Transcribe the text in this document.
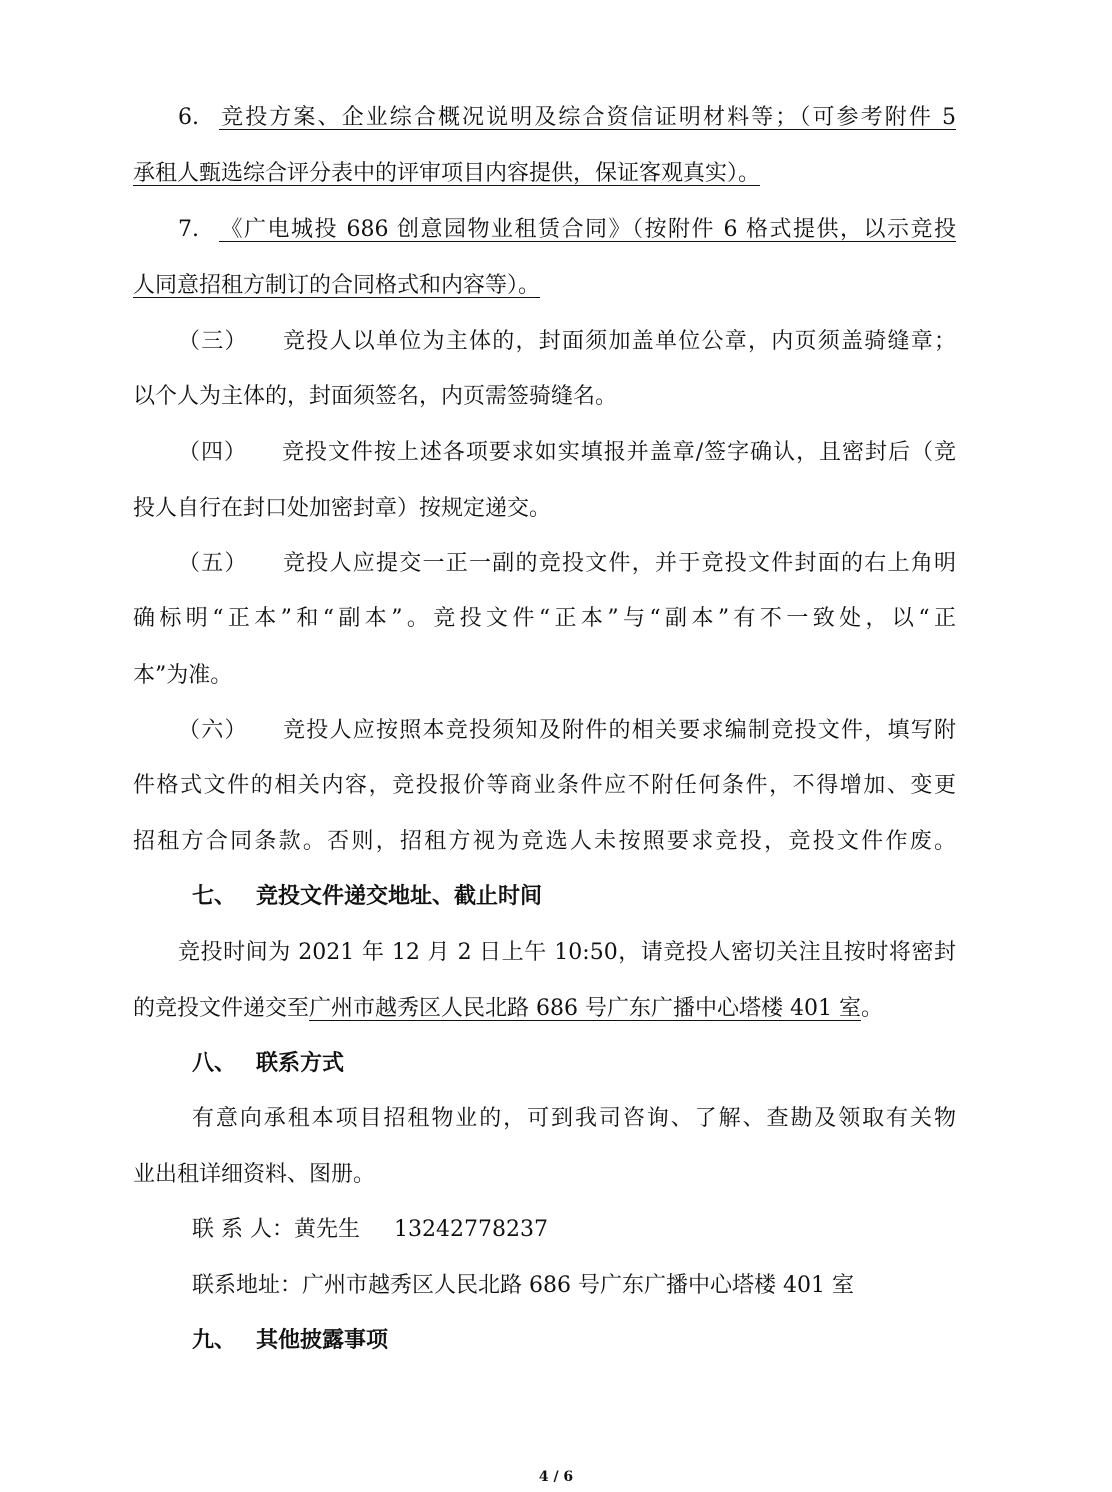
6. 竞投方案、企业综合概况说明及综合资信证明材料等；（可参考附件 5
承租人甄选综合评分表中的评审项目内容提供，保证客观真实）。
7. 《广电城投 686 创意园物业租赁合同》（按附件 6 格式提供，以示竞投
人同意招租方制订的合同格式和内容等）。
（三） 竞投人以单位为主体的，封面须加盖单位公章，内页须盖骑缝章；
以个人为主体的，封面须签名，内页需签骑缝名。
（四） 竞投文件按上述各项要求如实填报并盖章/签字确认，且密封后（竞
投人自行在封口处加密封章）按规定递交。
（五） 竞投人应提交一正一副的竞投文件，并于竞投文件封面的右上角明
确标明“正本”和“副本”。竞投文件“正本”与“副本”有不一致处，以“正
本”为准。
（六） 竞投人应按照本竞投须知及附件的相关要求编制竞投文件，填写附
件格式文件的相关内容，竞投报价等商业条件应不附任何条件，不得增加、变更
招租方合同条款。否则，招租方视为竞选人未按照要求竞投，竞投文件作废。
七、 竞投文件递交地址、截止时间
竞投时间为 2021 年 12 月 2 日上午 10:50，请竞投人密切关注且按时将密封
的竞投文件递交至广州市越秀区人民北路 686 号广东广播中心塔楼 401 室。
八、 联系方式
有意向承租本项目招租物业的，可到我司咨询、了解、查勘及领取有关物
业出租详细资料、图册。
联 系 人：黄先生 13242778237
联系地址：广州市越秀区人民北路 686 号广东广播中心塔楼 401 室
九、 其他披露事项
4 / 6
